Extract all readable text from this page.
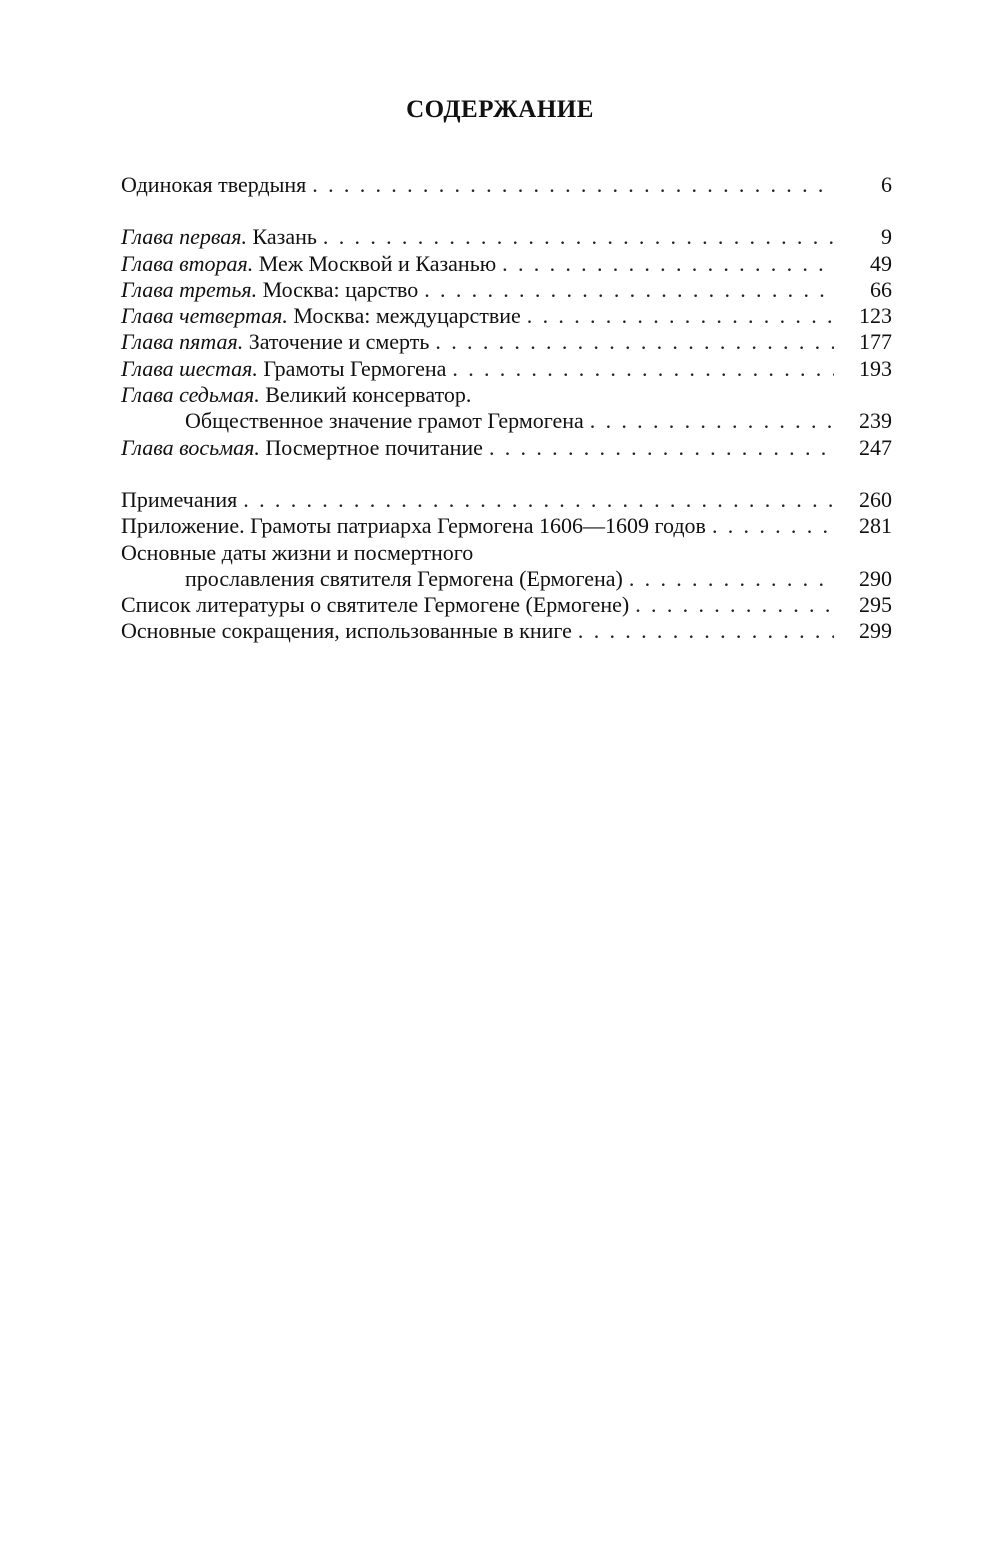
СОДЕРЖАНИЕ
Одинокая твердыня . . .	6
Глава первая. Казань . . .	9
Глава вторая. Меж Москвой и Казанью . . .	49
Глава третья. Москва: царство . . .	66
Глава четвертая. Москва: междуцарствие . . .	123
Глава пятая. Заточение и смерть . . .	177
Глава шестая. Грамоты Гермогена . . .	193
Глава седьмая. Великий консерватор.
Общественное значение грамот Гермогена . . .	239
Глава восьмая. Посмертное почитание . . .	247
Примечания . . .	260
Приложение. Грамоты патриарха Гермогена 1606—1609 годов . . .	281
Основные даты жизни и посмертного
прославления святителя Гермогена (Ермогена) . . .	290
Список литературы о святителе Гермогене (Ермогене) . . .	295
Основные сокращения, использованные в книге . . .	299
